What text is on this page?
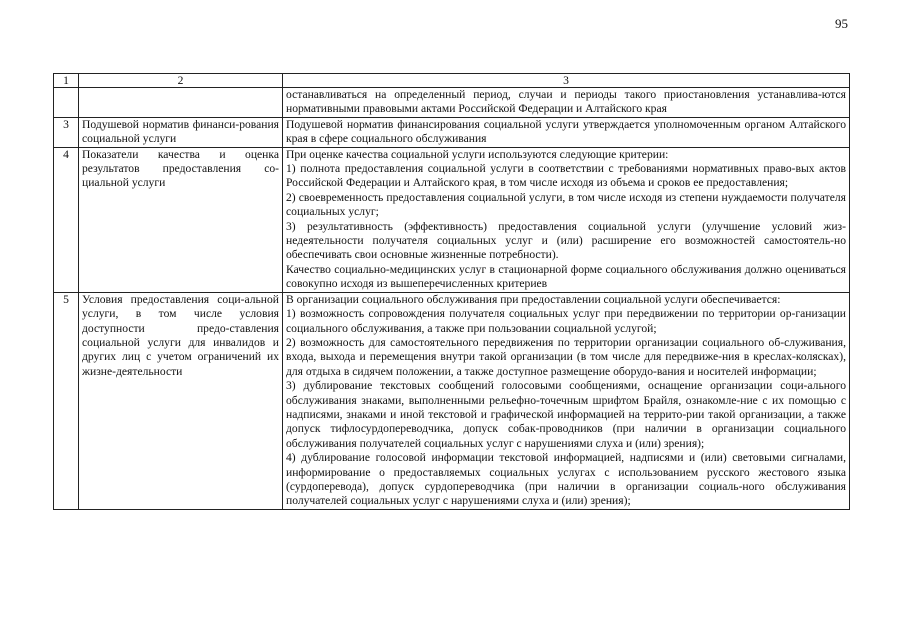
95
1	2	3

		останавливаться на определенный период, случаи и периоды такого приостановления устанавлива-ются нормативными правовыми актами Российской Федерации и Алтайского края

3	Подушевой норматив финанси-рования социальной услуги	Подушевой норматив финансирования социальной услуги утверждается уполномоченным органом Алтайского края в сфере социального обслуживания

4	Показатели качества и оценка результатов предоставления со-циальной услуги	При оценке качества социальной услуги используются следующие критерии:
1) полнота предоставления социальной услуги в соответствии с требованиями нормативных право-вых актов Российской Федерации и Алтайского края, в том числе исходя из объема и сроков ее предоставления;
2) своевременность предоставления социальной услуги, в том числе исходя из степени нуждаемости получателя социальных услуг;
3) результативность (эффективность) предоставления социальной услуги (улучшение условий жиз-недеятельности получателя социальных услуг и (или) расширение его возможностей самостоятель-но обеспечивать свои основные жизненные потребности).
Качество социально-медицинских услуг в стационарной форме социального обслуживания должно оцениваться совокупно исходя из вышеперечисленных критериев

5	Условия предоставления соци-альной услуги, в том числе условия доступности предо-ставления социальной услуги для инвалидов и других лиц с учетом ограничений их жизне-деятельности	В организации социального обслуживания при предоставлении социальной услуги обеспечивается:
1) возможность сопровождения получателя социальных услуг при передвижении по территории ор-ганизации социального обслуживания, а также при пользовании социальной услугой;
2) возможность для самостоятельного передвижения по территории организации социального об-служивания, входа, выхода и перемещения внутри такой организации (в том числе для передвиже-ния в креслах-колясках), для отдыха в сидячем положении, а также доступное размещение оборудо-вания и носителей информации;
3) дублирование текстовых сообщений голосовыми сообщениями, оснащение организации соци-ального обслуживания знаками, выполненными рельефно-точечным шрифтом Брайля, ознакомле-ние с их помощью с надписями, знаками и иной текстовой и графической информацией на террито-рии такой организации, а также допуск тифлосурдопереводчика, допуск собак-проводников (при наличии в организации социального обслуживания получателей социальных услуг с нарушениями слуха и (или) зрения);
4) дублирование голосовой информации текстовой информацией, надписями и (или) световыми сигналами, информирование о предоставляемых социальных услугах с использованием русского жестового языка (сурдоперевода), допуск сурдопереводчика (при наличии в организации социаль-ного обслуживания получателей социальных услуг с нарушениями слуха и (или) зрения);
